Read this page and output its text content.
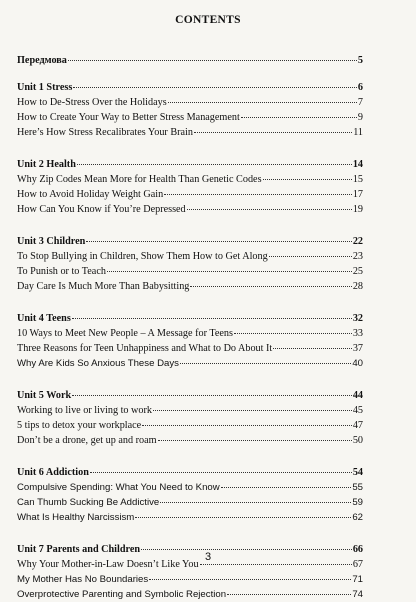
CONTENTS
Передмова	5
Unit 1 Stress	6
How to De-Stress Over the Holidays	7
How to Create Your Way to Better Stress Management	9
Here’s How Stress Recalibrates Your Brain	11
Unit 2 Health	14
Why Zip Codes Mean More for Health Than Genetic Codes	15
How to Avoid Holiday Weight Gain	17
How Can You Know if You’re Depressed	19
Unit 3 Children	22
To Stop Bullying in Children, Show Them How to Get Along	23
To Punish or to Teach	25
Day Care Is Much More Than Babysitting	28
Unit 4 Teens	32
10 Ways to Meet New People – A Message for Teens	33
Three Reasons for Teen Unhappiness and What to Do About It	37
Why Are Kids So Anxious These Days	40
Unit 5 Work	44
Working to live or living to work	45
5 tips to detox your workplace	47
Don’t be a drone, get up and roam	50
Unit 6 Addiction	54
Compulsive Spending: What You Need to Know	55
Can Thumb Sucking Be Addictive	59
What Is Healthy Narcissism	62
Unit 7 Parents and Children	66
Why Your Mother-in-Law Doesn’t Like You	67
My Mother Has No Boundaries	71
Overprotective Parenting and Symbolic Rejection	74
3
